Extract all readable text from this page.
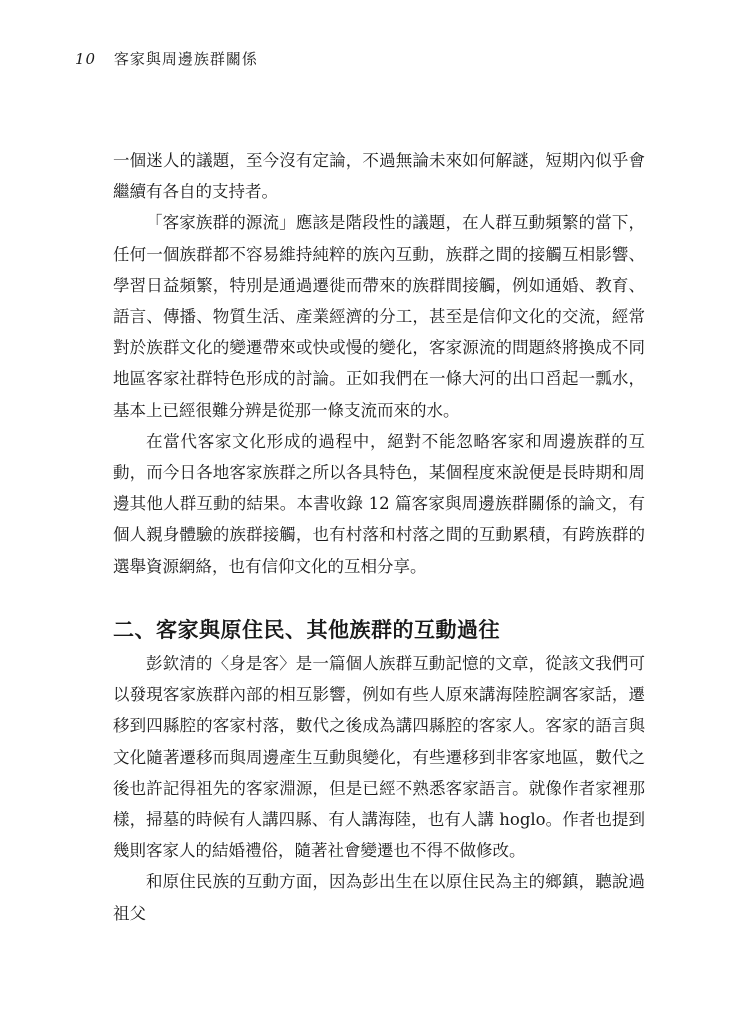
10 客家與周邊族群關係

一個迷人的議題，至今沒有定論，不過無論未來如何解謎，短期內似乎會繼續有各自的支持者。

「客家族群的源流」應該是階段性的議題，在人群互動頻繁的當下，任何一個族群都不容易維持純粹的族內互動，族群之間的接觸互相影響、學習日益頻繁，特別是通過遷徙而帶來的族群間接觸，例如通婚、教育、語言、傳播、物質生活、產業經濟的分工，甚至是信仰文化的交流，經常對於族群文化的變遷帶來或快或慢的變化，客家源流的問題終將換成不同地區客家社群特色形成的討論。正如我們在一條大河的出口舀起一瓢水，基本上已經很難分辨是從那一條支流而來的水。

在當代客家文化形成的過程中，絕對不能忽略客家和周邊族群的互動，而今日各地客家族群之所以各具特色，某個程度來說便是長時期和周邊其他人群互動的結果。本書收錄 12 篇客家與周邊族群關係的論文，有個人親身體驗的族群接觸，也有村落和村落之間的互動累積，有跨族群的選舉資源網絡，也有信仰文化的互相分享。

二、客家與原住民、其他族群的互動過往

彭欽清的〈身是客〉是一篇個人族群互動記憶的文章，從該文我們可以發現客家族群內部的相互影響，例如有些人原來講海陸腔調客家話，遷移到四縣腔的客家村落，數代之後成為講四縣腔的客家人。客家的語言與文化隨著遷移而與周邊產生互動與變化，有些遷移到非客家地區，數代之後也許記得祖先的客家淵源，但是已經不熟悉客家語言。就像作者家裡那樣，掃墓的時候有人講四縣、有人講海陸，也有人講 hoglo。作者也提到幾則客家人的結婚禮俗，隨著社會變遷也不得不做修改。

和原住民族的互動方面，因為彭出生在以原住民為主的鄉鎮，聽說過祖父
